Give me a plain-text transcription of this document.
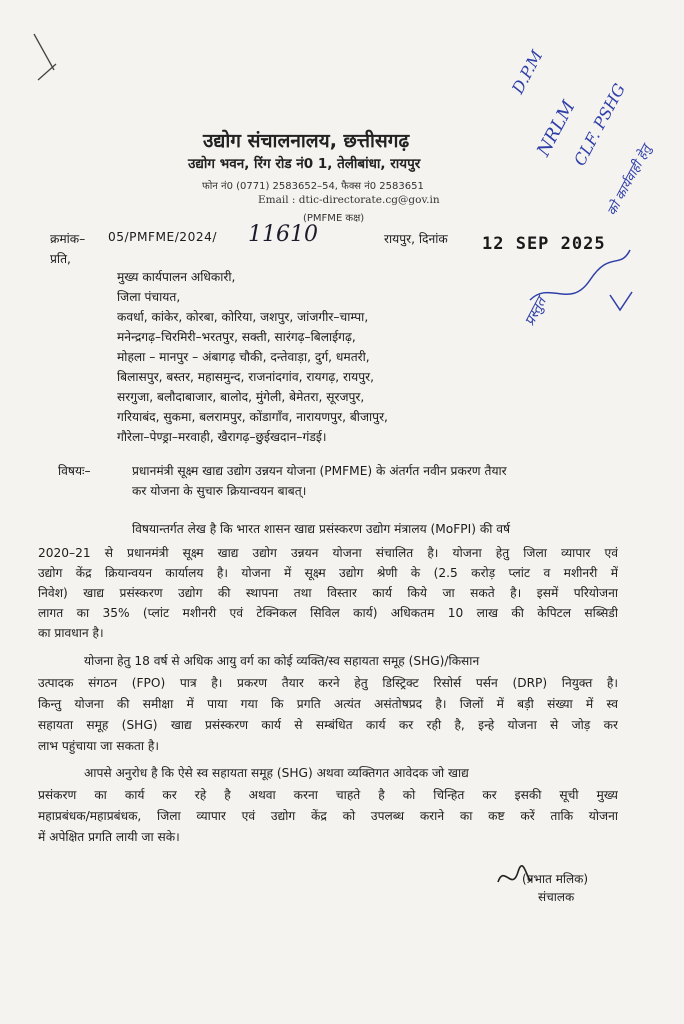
उद्योग संचालनालय, छत्तीसगढ़
उद्योग भवन, रिंग रोड नं0 1, तेलीबांधा, रायपुर
फोन नं0 (0771) 2583652–54, फैक्स नं0 2583651
Email : dtic-directorate.cg@gov.in
(PMFME कक्ष)
क्रमांक– 05/PMFME/2024/ 11610	रायपुर, दिनांक 12 SEP 2025
प्रति,
D.P.M
NRLM
CLF. PSHG
को कार्यवाही हेतु
प्रस्तुत
मुख्य कार्यपालन अधिकारी,
जिला पंचायत,
कवर्धा, कांकेर, कोरबा, कोरिया, जशपुर, जांजगीर–चाम्पा,
मनेन्द्रगढ़–चिरमिरी–भरतपुर, सक्ती, सारंगढ़–बिलाईगढ़,
मोहला – मानपुर – अंबागढ़ चौकी, दन्तेवाड़ा, दुर्ग, धमतरी,
बिलासपुर, बस्तर, महासमुन्द, राजनांदगांव, रायगढ़, रायपुर,
सरगुजा, बलौदाबाजार, बालोद, मुंगेली, बेमेतरा, सूरजपुर,
गरियाबंद, सुकमा, बलरामपुर, कोंडागाँव, नारायणपुर, बीजापुर,
गौरेला–पेण्ड्रा–मरवाही, खैरागढ़–छुईखदान–गंडई।
विषयः–	प्रधानमंत्री सूक्ष्म खाद्य उद्योग उन्नयन योजना (PMFME) के अंतर्गत नवीन प्रकरण तैयार
कर योजना के सुचारु क्रियान्वयन बाबत्।
विषयान्तर्गत लेख है कि भारत शासन खाद्य प्रसंस्करण उद्योग मंत्रालय (MoFPI) की वर्ष
2020–21 से प्रधानमंत्री सूक्ष्म खाद्य उद्योग उन्नयन योजना संचालित है। योजना हेतु जिला व्यापार एवं
उद्योग केंद्र क्रियान्वयन कार्यालय है। योजना में सूक्ष्म उद्योग श्रेणी के (2.5 करोड़ प्लांट व मशीनरी में
निवेश) खाद्य प्रसंस्करण उद्योग की स्थापना तथा विस्तार कार्य किये जा सकते है। इसमें परियोजना
लागत का 35% (प्लांट मशीनरी एवं टेक्निकल सिविल कार्य) अधिकतम 10 लाख की केपिटल सब्सिडी
का प्रावधान है।
योजना हेतु 18 वर्ष से अधिक आयु वर्ग का कोई व्यक्ति/स्व सहायता समूह (SHG)/किसान
उत्पादक संगठन (FPO) पात्र है। प्रकरण तैयार करने हेतु डिस्ट्रिक्ट रिसोर्स पर्सन (DRP) नियुक्त है।
किन्तु योजना की समीक्षा में पाया गया कि प्रगति अत्यंत असंतोषप्रद है। जिलों में बड़ी संख्या में स्व
सहायता समूह (SHG) खाद्य प्रसंस्करण कार्य से सम्बंधित कार्य कर रही है, इन्हे योजना से जोड़ कर
लाभ पहुंचाया जा सकता है।
आपसे अनुरोध है कि ऐसे स्व सहायता समूह (SHG) अथवा व्यक्तिगत आवेदक जो खाद्य
प्रसंकरण का कार्य कर रहे है अथवा करना चाहते है को चिन्हित कर इसकी सूची मुख्य
महाप्रबंधक/महाप्रबंधक, जिला व्यापार एवं उद्योग केंद्र को उपलब्ध कराने का कष्ट करें ताकि योजना
में अपेक्षित प्रगति लायी जा सके।
(प्रभात मलिक)
संचालक
